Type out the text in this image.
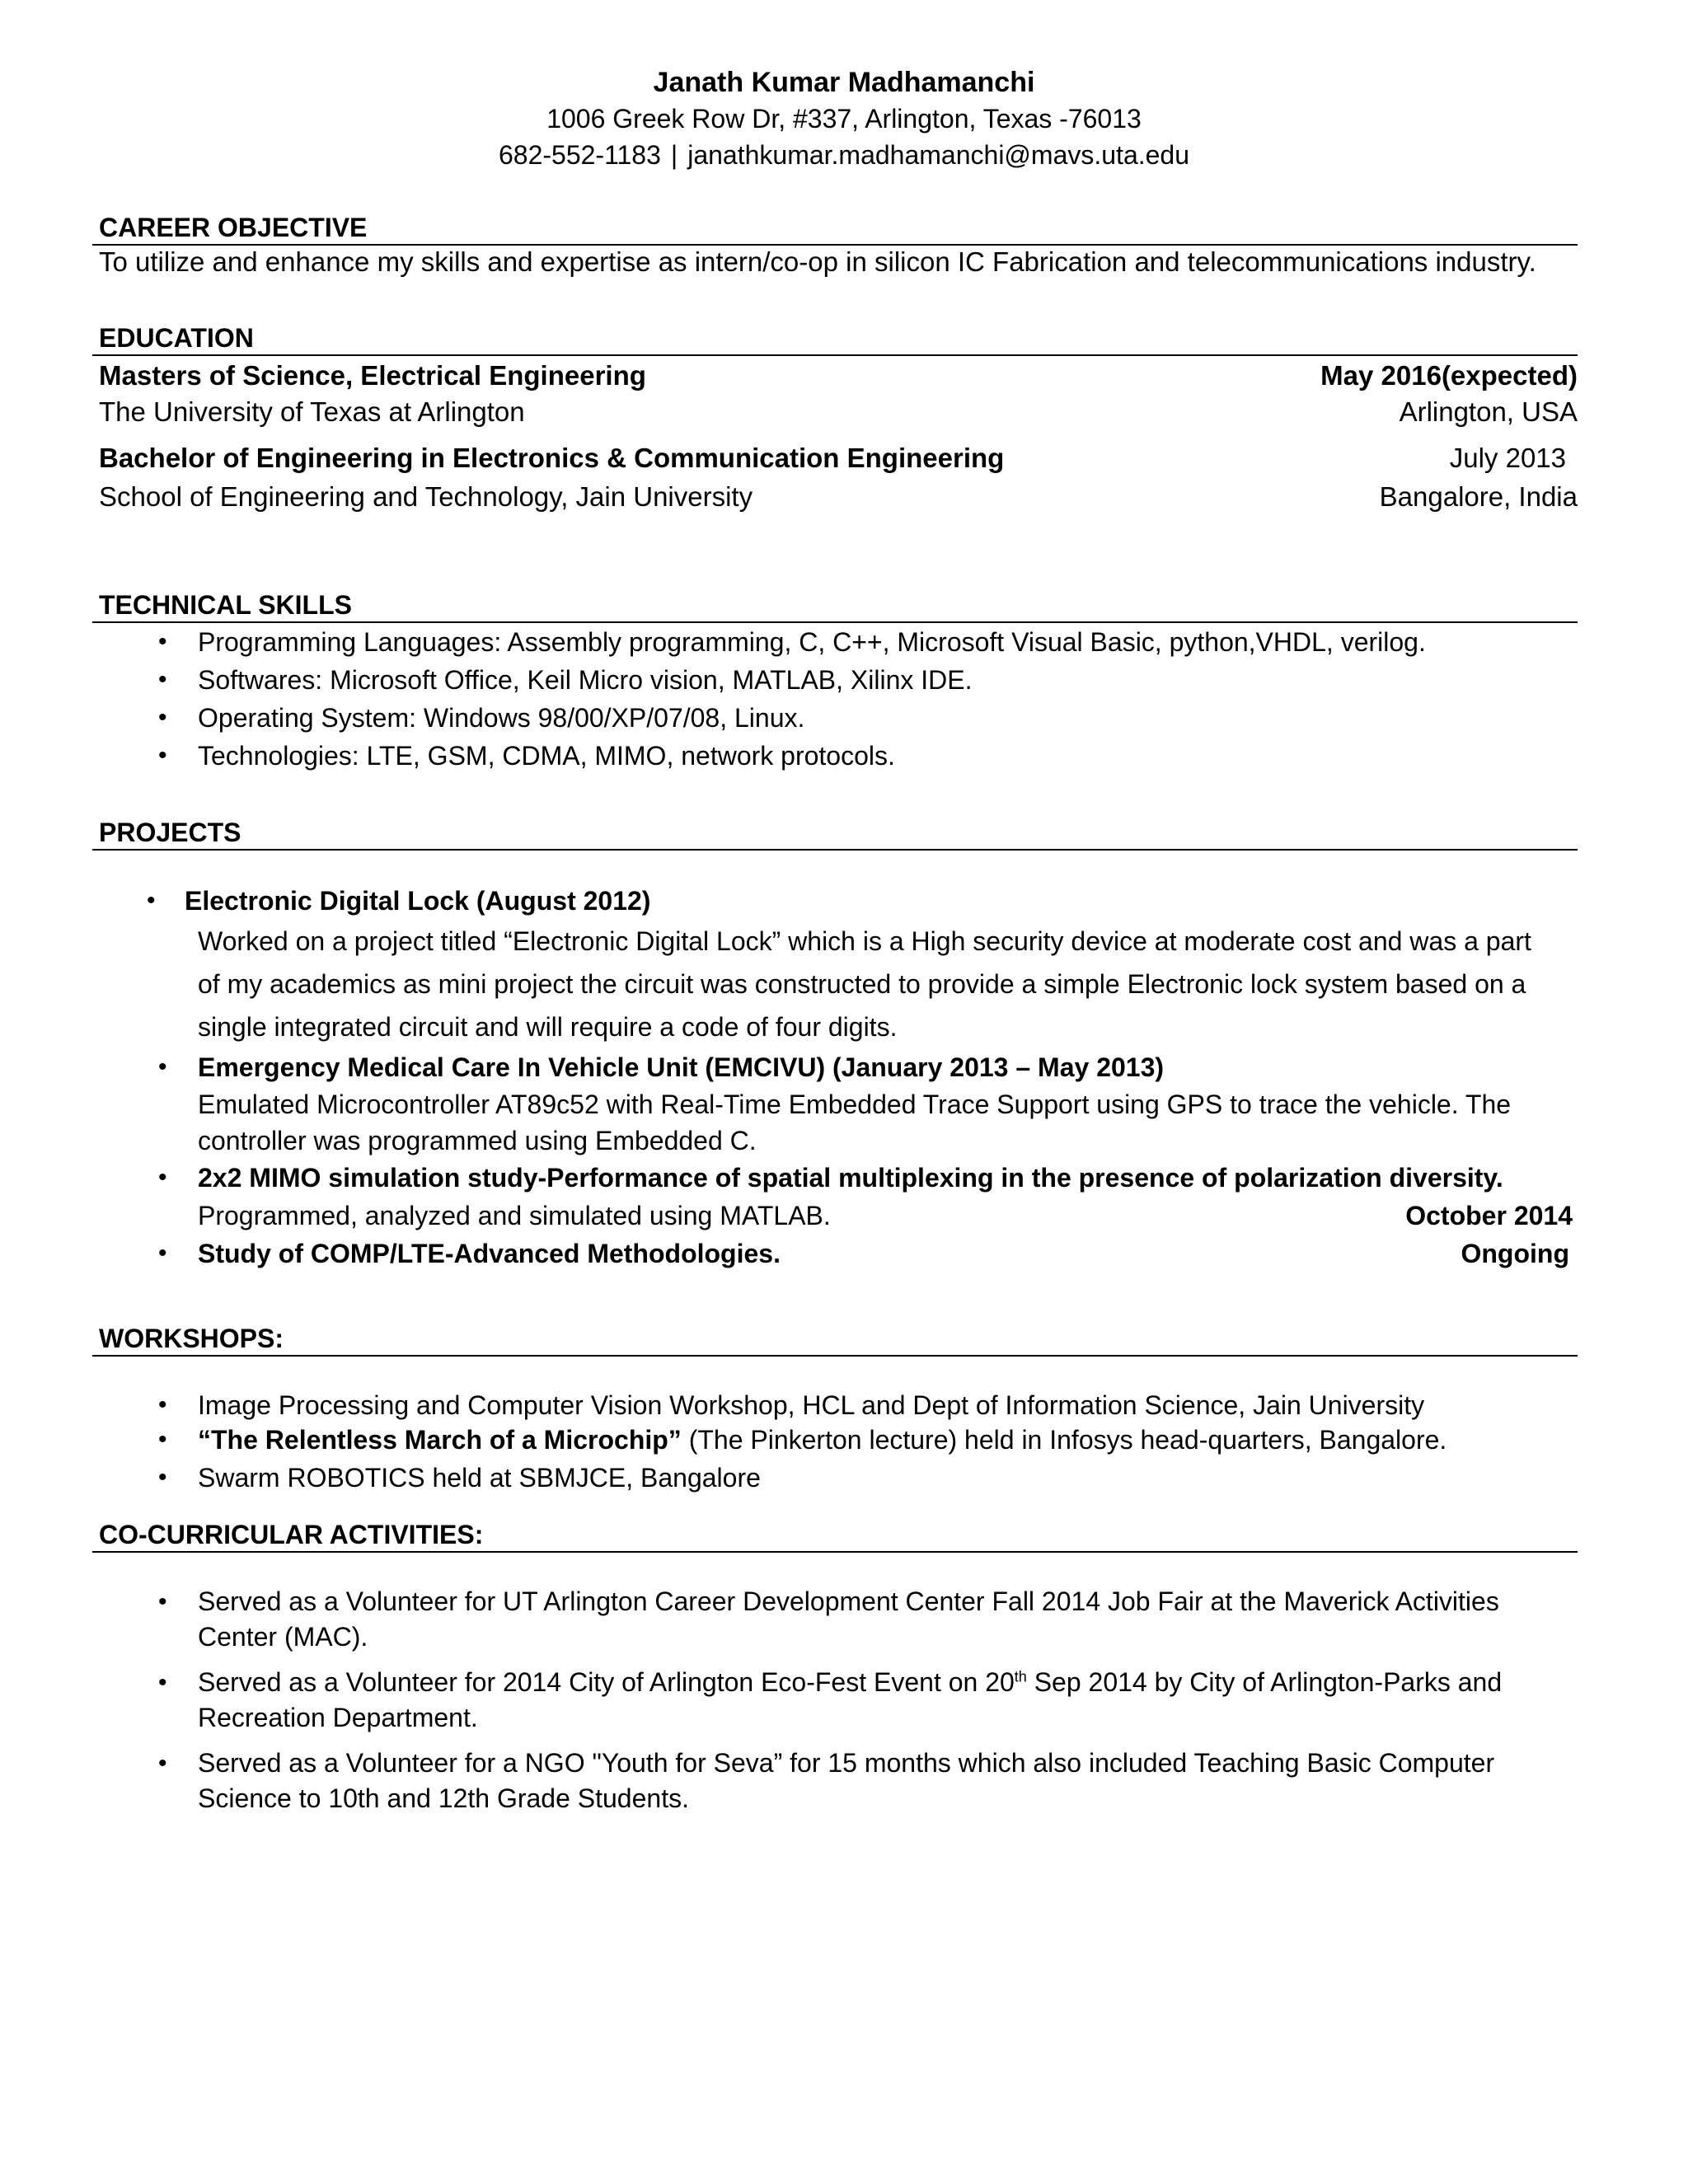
Janath Kumar Madhamanchi
1006 Greek Row Dr, #337, Arlington, Texas -76013
682-552-1183 | janathkumar.madhamanchi@mavs.uta.edu
CAREER OBJECTIVE
To utilize and enhance my skills and expertise as intern/co-op in silicon IC Fabrication and telecommunications industry.
EDUCATION
Masters of Science, Electrical Engineering	May 2016(expected)
The University of Texas at Arlington	Arlington, USA
Bachelor of Engineering in Electronics & Communication Engineering	July 2013
School of Engineering and Technology, Jain University	Bangalore, India
TECHNICAL SKILLS
• Programming Languages: Assembly programming, C, C++, Microsoft Visual Basic, python,VHDL, verilog.
• Softwares: Microsoft Office, Keil Micro vision, MATLAB, Xilinx IDE.
• Operating System: Windows 98/00/XP/07/08, Linux.
• Technologies: LTE, GSM, CDMA, MIMO, network protocols.
PROJECTS
• Electronic Digital Lock (August 2012)
Worked on a project titled “Electronic Digital Lock” which is a High security device at moderate cost and was a part of my academics as mini project the circuit was constructed to provide a simple Electronic lock system based on a single integrated circuit and will require a code of four digits.
• Emergency Medical Care In Vehicle Unit (EMCIVU) (January 2013 – May 2013)
Emulated Microcontroller AT89c52 with Real-Time Embedded Trace Support using GPS to trace the vehicle. The controller was programmed using Embedded C.
• 2x2 MIMO simulation study-Performance of spatial multiplexing in the presence of polarization diversity.
Programmed, analyzed and simulated using MATLAB.	October 2014
• Study of COMP/LTE-Advanced Methodologies.	Ongoing
WORKSHOPS:
• Image Processing and Computer Vision Workshop, HCL and Dept of Information Science, Jain University
• “The Relentless March of a Microchip” (The Pinkerton lecture) held in Infosys head-quarters, Bangalore.
• Swarm ROBOTICS held at SBMJCE, Bangalore
CO-CURRICULAR ACTIVITIES:
• Served as a Volunteer for UT Arlington Career Development Center Fall 2014 Job Fair at the Maverick Activities Center (MAC).
• Served as a Volunteer for 2014 City of Arlington Eco-Fest Event on 20th Sep 2014 by City of Arlington-Parks and Recreation Department.
• Served as a Volunteer for a NGO "Youth for Seva” for 15 months which also included Teaching Basic Computer Science to 10th and 12th Grade Students.
